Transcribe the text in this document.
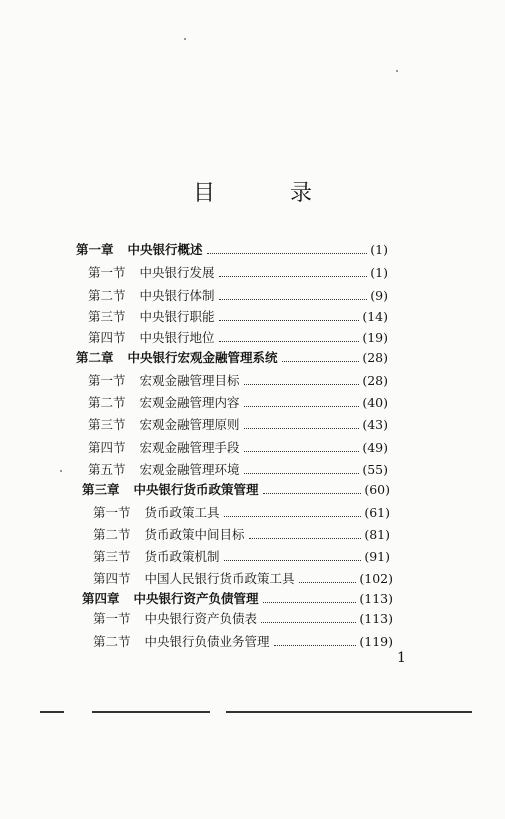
目 录
第一章	中央银行概述	(1)
第一节	中央银行发展	(1)
第二节	中央银行体制	(9)
第三节	中央银行职能	(14)
第四节	中央银行地位	(19)
第二章	中央银行宏观金融管理系统	(28)
第一节	宏观金融管理目标	(28)
第二节	宏观金融管理内容	(40)
第三节	宏观金融管理原则	(43)
第四节	宏观金融管理手段	(49)
第五节	宏观金融管理环境	(55)
第三章	中央银行货币政策管理	(60)
第一节	货币政策工具	(61)
第二节	货币政策中间目标	(81)
第三节	货币政策机制	(91)
第四节	中国人民银行货币政策工具	(102)
第四章	中央银行资产负债管理	(113)
第一节	中央银行资产负债表	(113)
第二节	中央银行负债业务管理	(119)
1
